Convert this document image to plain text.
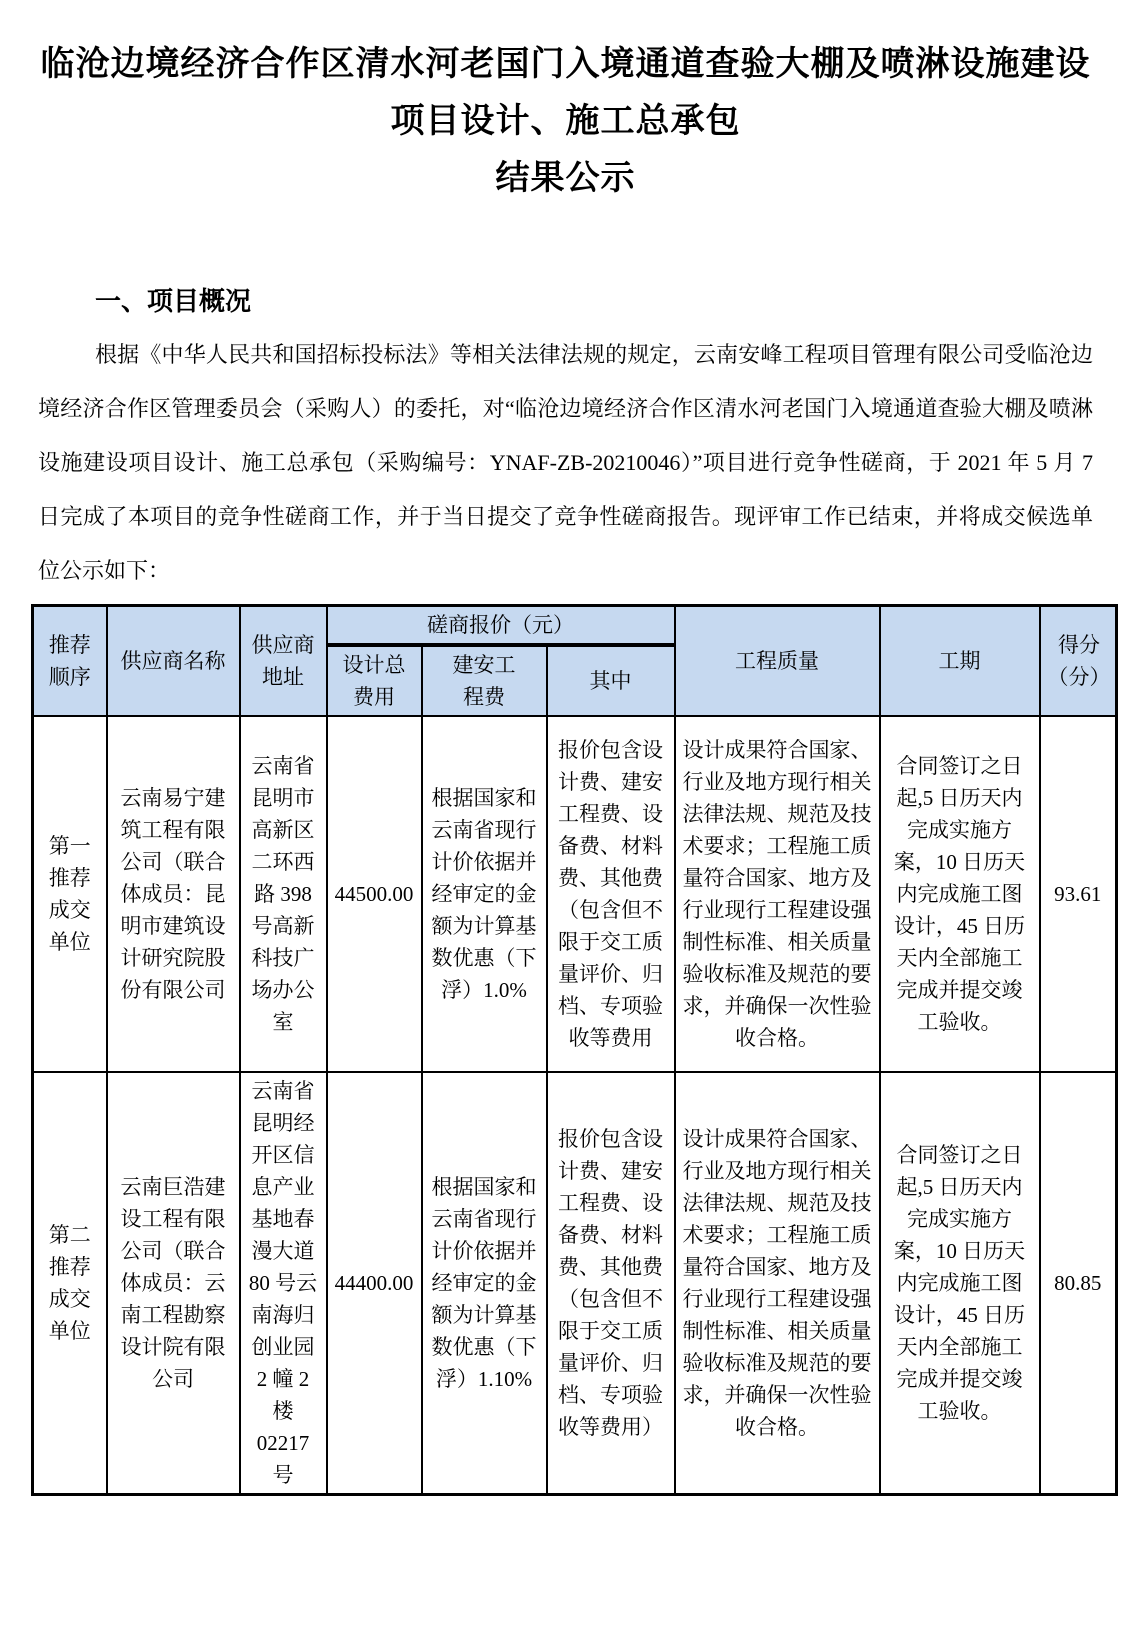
临沧边境经济合作区清水河老国门入境通道查验大棚及喷淋设施建设
项目设计、施工总承包
结果公示
一、项目概况

根据《中华人民共和国招标投标法》等相关法律法规的规定，云南安峰工程项目管理有限公司受临沧边境经济合作区管理委员会（采购人）的委托，对“临沧边境经济合作区清水河老国门入境通道查验大棚及喷淋设施建设项目设计、施工总承包（采购编号：YNAF-ZB-20210046）”项目进行竞争性磋商，于 2021 年 5 月 7 日完成了本项目的竞争性磋商工作，并于当日提交了竞争性磋商报告。现评审工作已结束，并将成交候选单位公示如下：

推荐顺序	供应商名称	供应商地址	磋商报价（元）			工程质量	工期	得分（分）
			设计总费用	建安工程费	其中			
第一推荐成交单位	云南易宁建筑工程有限公司（联合体成员：昆明市建筑设计研究院股份有限公司	云南省昆明市高新区二环西路 398 号高新科技广场办公室	44500.00	根据国家和云南省现行计价依据并经审定的金额为计算基数优惠（下浮）1.0%	报价包含设计费、建安工程费、设备费、材料费、其他费（包含但不限于交工质量评价、归档、专项验收等费用	设计成果符合国家、行业及地方现行相关法律法规、规范及技术要求；工程施工质量符合国家、地方及行业现行工程建设强制性标准、相关质量验收标准及规范的要求，并确保一次性验收合格。	合同签订之日起,5 日历天内完成实施方案，10 日历天内完成施工图设计，45 日历天内全部施工完成并提交竣工验收。	93.61
第二推荐成交单位	云南巨浩建设工程有限公司（联合体成员：云南工程勘察设计院有限公司	云南省昆明经开区信息产业基地春漫大道 80 号云南海归创业园 2 幢 2 楼 02217 号	44400.00	根据国家和云南省现行计价依据并经审定的金额为计算基数优惠（下浮）1.10%	报价包含设计费、建安工程费、设备费、材料费、其他费（包含但不限于交工质量评价、归档、专项验收等费用）	设计成果符合国家、行业及地方现行相关法律法规、规范及技术要求；工程施工质量符合国家、地方及行业现行工程建设强制性标准、相关质量验收标准及规范的要求，并确保一次性验收合格。	合同签订之日起,5 日历天内完成实施方案，10 日历天内完成施工图设计，45 日历天内全部施工完成并提交竣工验收。	80.85
